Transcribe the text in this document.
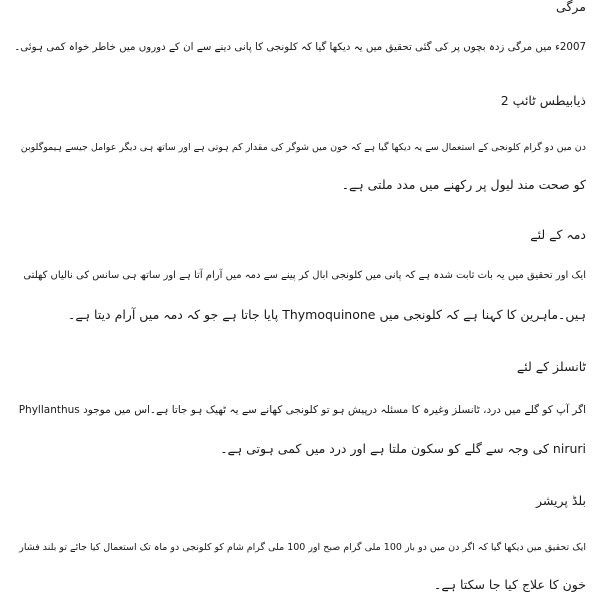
مرگی
2007ء میں مرگی زدہ بچوں پر کی گئی تحقیق میں یہ دیکھا گیا کہ کلونجی کا پانی دینے سے ان کے دوروں میں خاطر خواہ کمی ہوئی۔
ذیابیطس ٹائپ 2
دن میں دو گرام کلونجی کے استعمال سے یہ دیکھا گیا ہے کہ خون میں شوگر کی مقدار کم ہوتی ہے اور ساتھ ہی دیگر عوامل جیسے ہیموگلوبن
کو صحت مند لیول پر رکھنے میں مدد ملتی ہے۔
دمہ کے لئے
ایک اور تحقیق میں یہ بات ثابت شدہ ہے کہ پانی میں کلونجی ابال کر پینے سے دمہ میں آرام آتا ہے اور ساتھ ہی سانس کی نالیاں کھلتی
ہیں۔ماہرین کا کہنا ہے کہ کلونجی میں Thymoquinone پایا جاتا ہے جو کہ دمہ میں آرام دیتا ہے۔
ٹانسلز کے لئے
اگر آپ کو گلے میں درد، ٹانسلز وغیرہ کا مسئلہ درپیش ہو تو کلونجی کھانے سے یہ ٹھیک ہو جاتا ہے۔اس میں موجود Phyllanthus
niruri کی وجہ سے گلے کو سکون ملتا ہے اور درد میں کمی ہوتی ہے۔
بلڈ پریشر
ایک تحقیق میں دیکھا گیا کہ اگر دن میں دو بار 100 ملی گرام صبح اور 100 ملی گرام شام کو کلونجی دو ماہ تک استعمال کیا جائے تو بلند فشار
خون کا علاج کیا جا سکتا ہے۔
